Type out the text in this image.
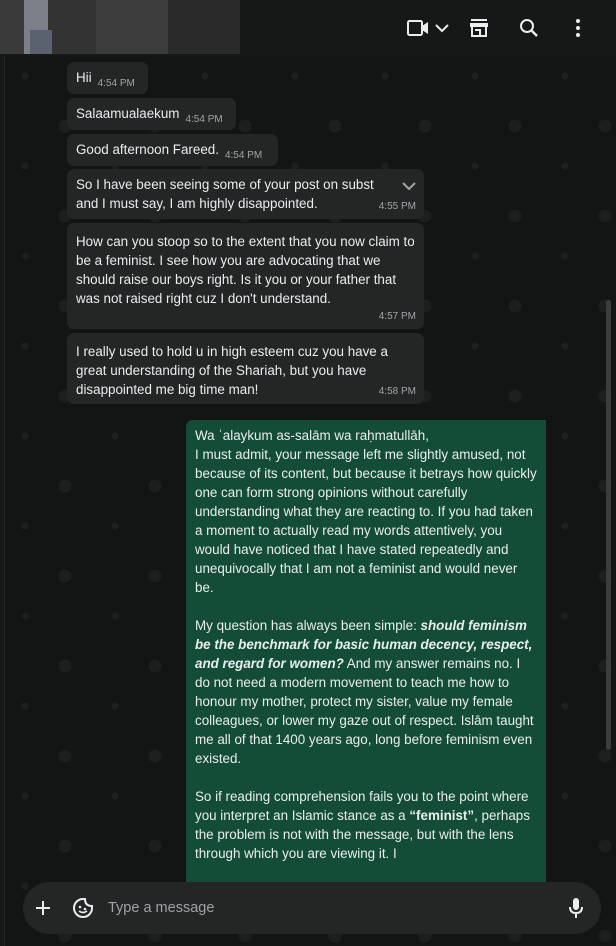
Hii $_{4:54 PM}$
Salaamualaekum $_{4:54 PM}$
Good afternoon Fareed. $_{4:54 PM}$
So I have been seeing some of your post on subst
and I must say, I am highly disappointed.	4:55 PM
How can you stoop so to the extent that you now claim to be a feminist. I see how you are advocating that we should raise our boys right. Is it you or your father that was not raised right cuz I don't understand.
4:57 PM
I really used to hold u in high esteem cuz you have a great understanding of the Shariah, but you have disappointed me big time man!	4:58 PM
Wa ʿalaykum as-salām wa raḥmatullāh,

I must admit, your message left me slightly amused, not because of its content, but because it betrays how quickly one can form strong opinions without carefully understanding what they are reacting to. If you had taken a moment to actually read my words attentively, you would have noticed that I have stated repeatedly and unequivocally that I am not a feminist and would never be.

My question has always been simple: should feminism be the benchmark for basic human decency, respect, and regard for women? And my answer remains no. I do not need a modern movement to teach me how to honour my mother, protect my sister, value my female colleagues, or lower my gaze out of respect. Islām taught me all of that 1400 years ago, long before feminism even existed.

So if reading comprehension fails you to the point where you interpret an Islamic stance as a “feminist”, perhaps the problem is not with the message, but with the lens through which you are viewing it. I

Type a message
